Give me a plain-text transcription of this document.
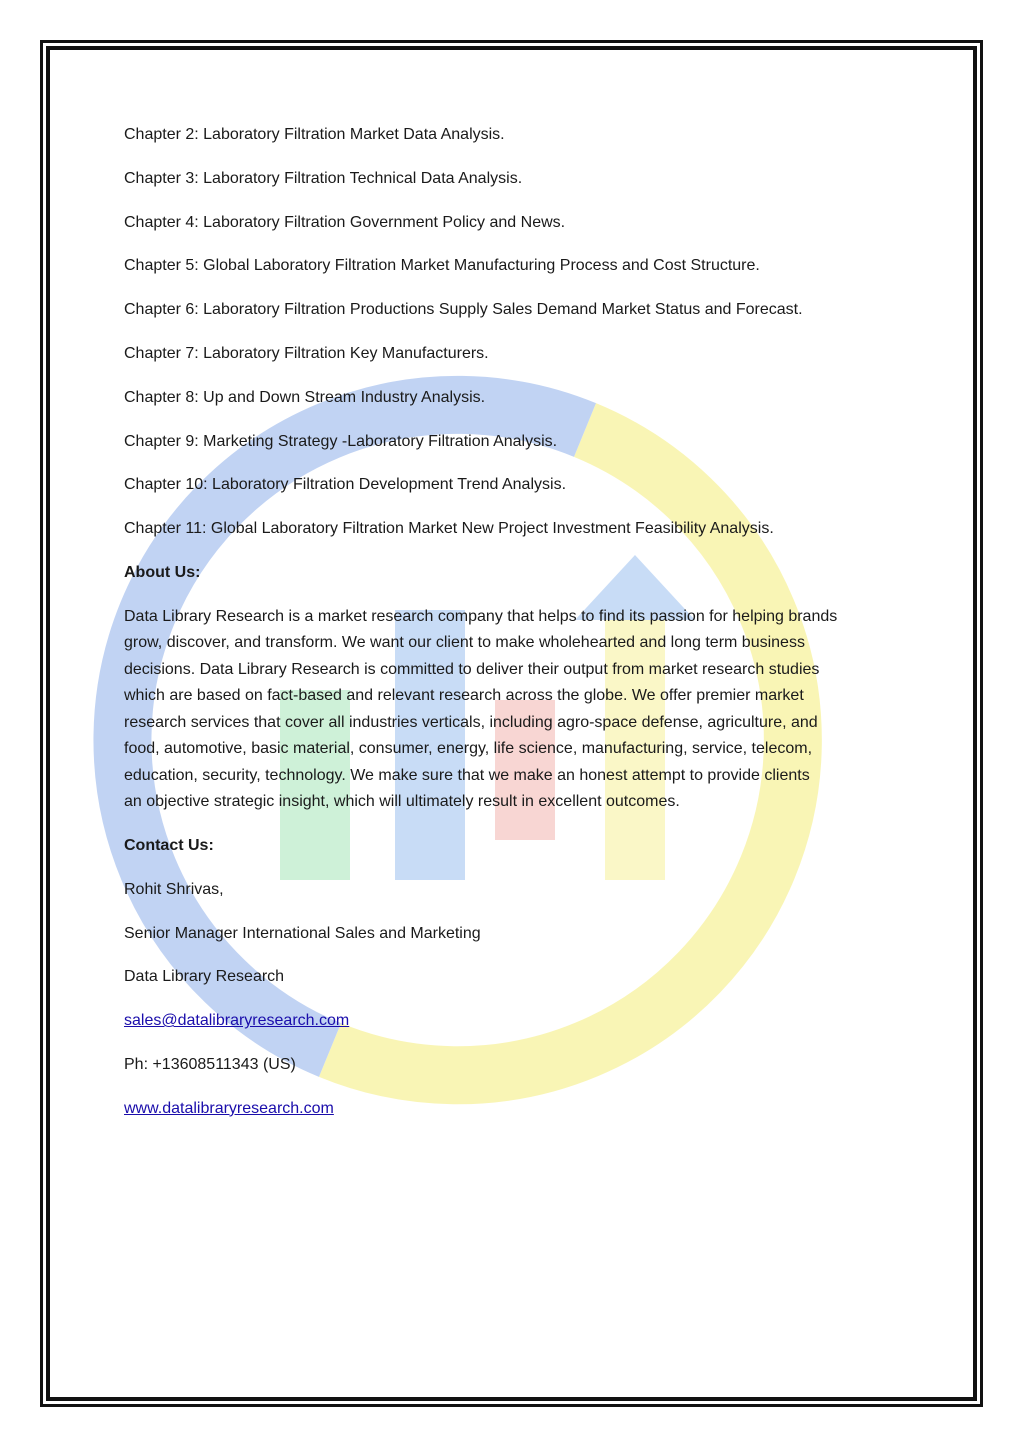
Chapter 2: Laboratory Filtration Market Data Analysis.
Chapter 3: Laboratory Filtration Technical Data Analysis.
Chapter 4: Laboratory Filtration Government Policy and News.
Chapter 5: Global Laboratory Filtration Market Manufacturing Process and Cost Structure.
Chapter 6: Laboratory Filtration Productions Supply Sales Demand Market Status and Forecast.
Chapter 7: Laboratory Filtration Key Manufacturers.
Chapter 8: Up and Down Stream Industry Analysis.
Chapter 9: Marketing Strategy -Laboratory Filtration Analysis.
Chapter 10: Laboratory Filtration Development Trend Analysis.
Chapter 11: Global Laboratory Filtration Market New Project Investment Feasibility Analysis.
About Us:
Data Library Research is a market research company that helps to find its passion for helping brands
grow, discover, and transform. We want our client to make wholehearted and long term business
decisions. Data Library Research is committed to deliver their output from market research studies
which are based on fact-based and relevant research across the globe. We offer premier market
research services that cover all industries verticals, including agro-space defense, agriculture, and
food, automotive, basic material, consumer, energy, life science, manufacturing, service, telecom,
education, security, technology. We make sure that we make an honest attempt to provide clients
an objective strategic insight, which will ultimately result in excellent outcomes.
Contact Us:
Rohit Shrivas,
Senior Manager International Sales and Marketing
Data Library Research
sales@datalibraryresearch.com
Ph: +13608511343 (US)
www.datalibraryresearch.com
